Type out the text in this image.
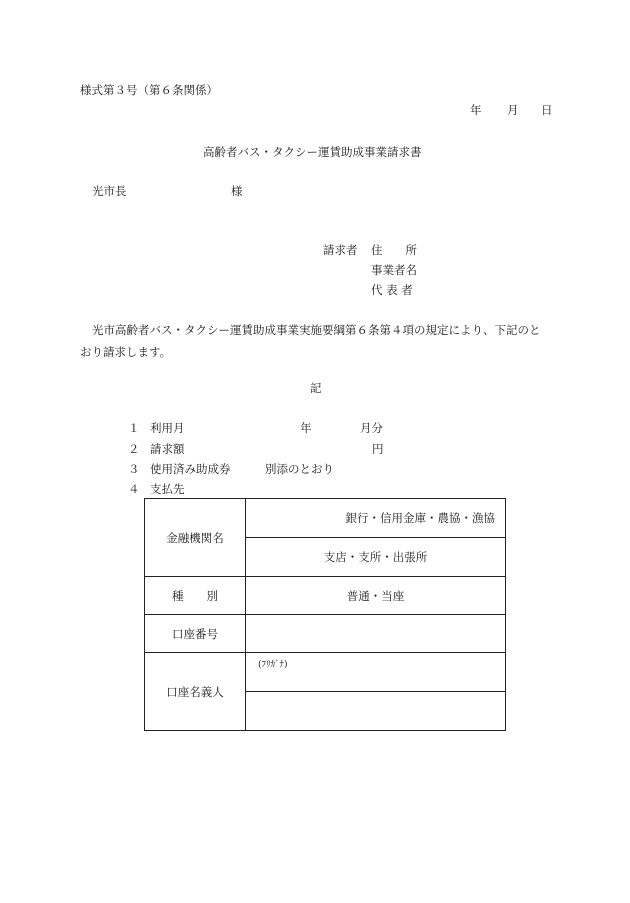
様式第３号（第６条関係）
年 月 日
高齢者バス・タクシー運賃助成事業請求書
光市長	様
請求者 住　　所
事業者名
代 表 者
光市高齢者バス・タクシー運賃助成事業実施要綱第６条第４項の規定により、下記のと
おり請求します。
記
１ 利用月	年	月分
２ 請求額	円
３ 使用済み助成券	別添のとおり
４ 支払先
金融機関名	銀行・信用金庫・農協・漁協
	支店・支所・出張所
種　　別	普通・当座
口座番号	
口座名義人	(ﾌﾘｶﾞﾅ)
